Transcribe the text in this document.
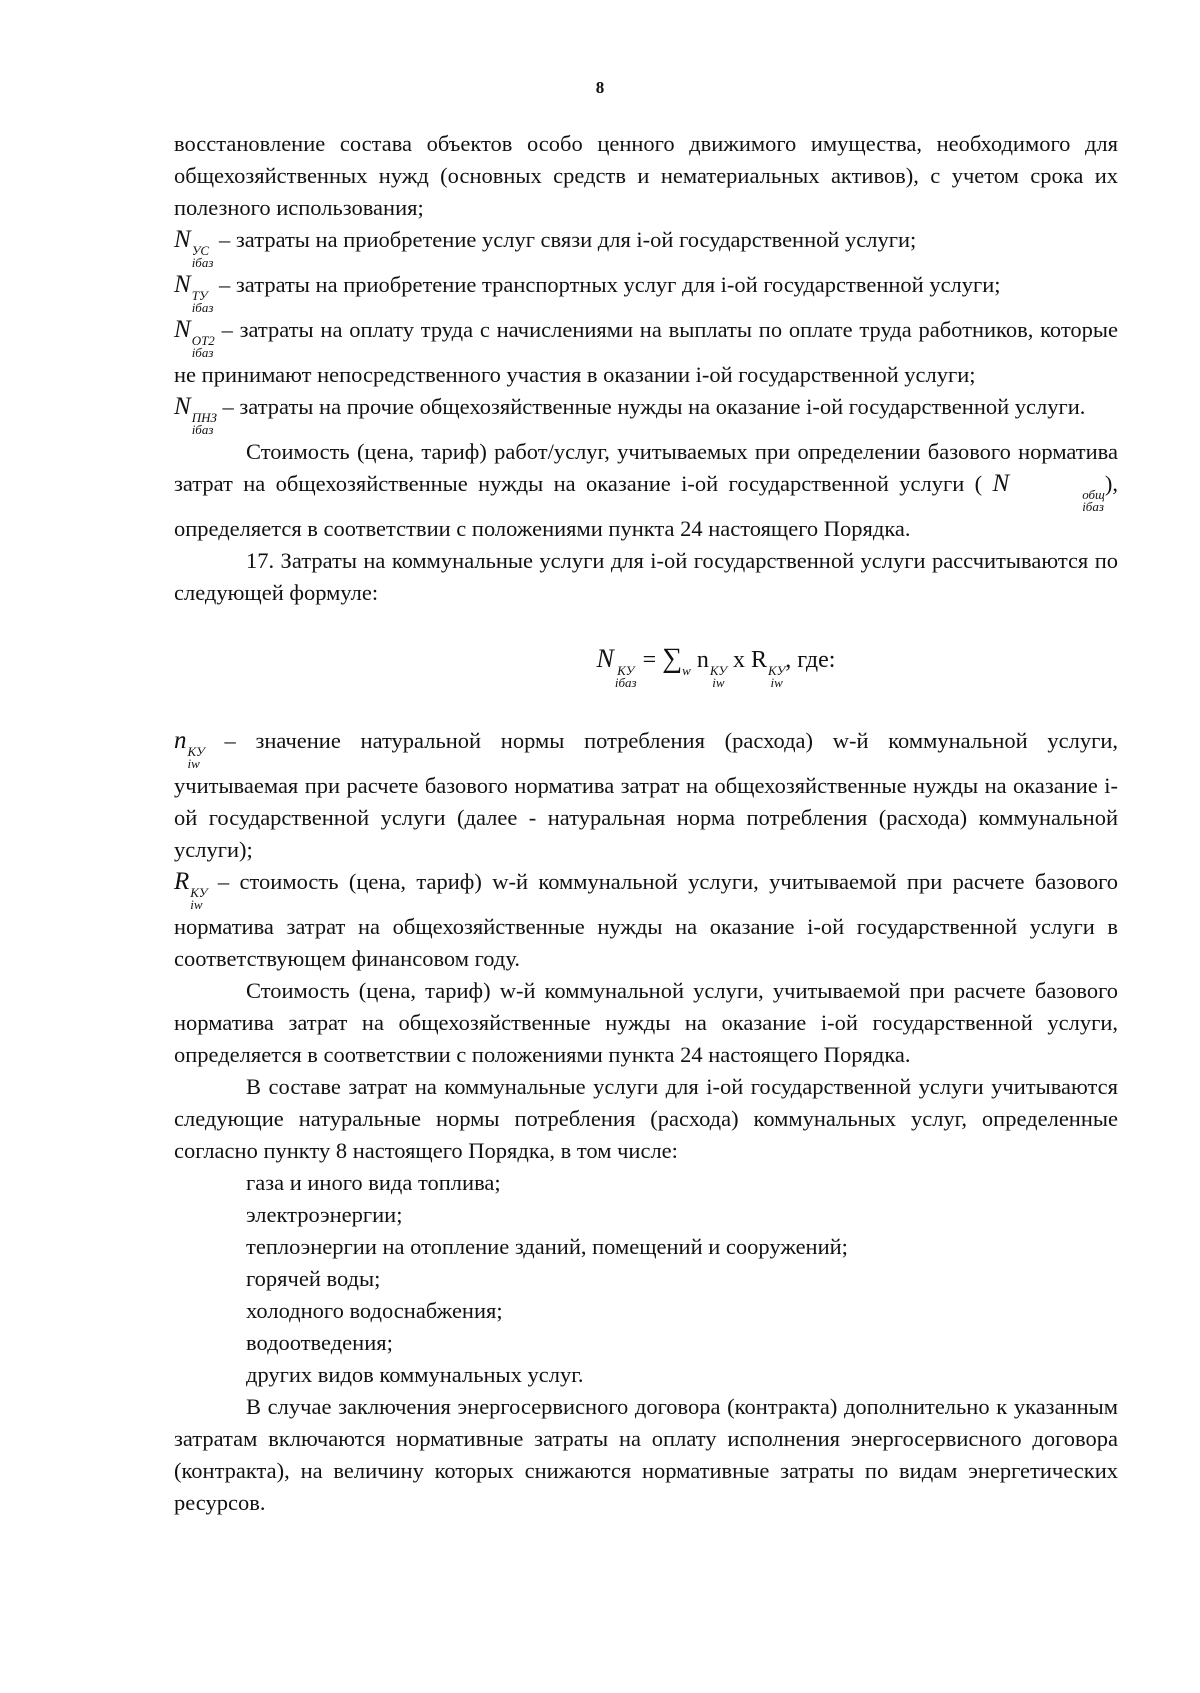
8

восстановление состава объектов особо ценного движимого имущества, необходимого для общехозяйственных нужд (основных средств и нематериальных активов), с учетом срока их полезного использования;

N УС
iбаз
– затраты на приобретение услуг связи для i-ой государственной услуги;

N ТУ
iбаз
– затраты на приобретение транспортных услуг для i-ой государственной услуги;

N ОТ2
iбаз
– затраты на оплату труда с начислениями на выплаты по оплате труда работников, которые не принимают непосредственного участия в оказании i-ой государственной услуги;

N ПНЗ
iбаз
– затраты на прочие общехозяйственные нужды на оказание i-ой государственной услуги.

Стоимость (цена, тариф) работ/услуг, учитываемых при определении базового норматива затрат на общехозяйственные нужды на оказание i-ой государственной услуги ( N	общ
iбаз
), определяется в соответствии с положениями пункта 24 настоящего Порядка.

17. Затраты на коммунальные услуги для i-ой государственной услуги рассчитываются по следующей формуле:

N КУ
iбаз
= $\sum_w$ n КУ
iw
x R КУ
iw
, где:

n КУ
iw
– значение натуральной нормы потребления (расхода) w-й коммунальной услуги, учитываемая при расчете базового норматива затрат на общехозяйственные нужды на оказание i-ой государственной услуги (далее - натуральная норма потребления (расхода) коммунальной услуги);

R КУ
iw
– стоимость (цена, тариф) w-й коммунальной услуги, учитываемой при расчете базового норматива затрат на общехозяйственные нужды на оказание i-ой государственной услуги в соответствующем финансовом году.

Стоимость (цена, тариф) w-й коммунальной услуги, учитываемой при расчете базового норматива затрат на общехозяйственные нужды на оказание i-ой государственной услуги, определяется в соответствии с положениями пункта 24 настоящего Порядка.

В составе затрат на коммунальные услуги для i-ой государственной услуги учитываются следующие натуральные нормы потребления (расхода) коммунальных услуг, определенные согласно пункту 8 настоящего Порядка, в том числе:

газа и иного вида топлива;

электроэнергии;

теплоэнергии на отопление зданий, помещений и сооружений;

горячей воды;

холодного водоснабжения;

водоотведения;

других видов коммунальных услуг.

В случае заключения энергосервисного договора (контракта) дополнительно к указанным затратам включаются нормативные затраты на оплату исполнения энергосервисного договора (контракта), на величину которых снижаются нормативные затраты по видам энергетических ресурсов.
